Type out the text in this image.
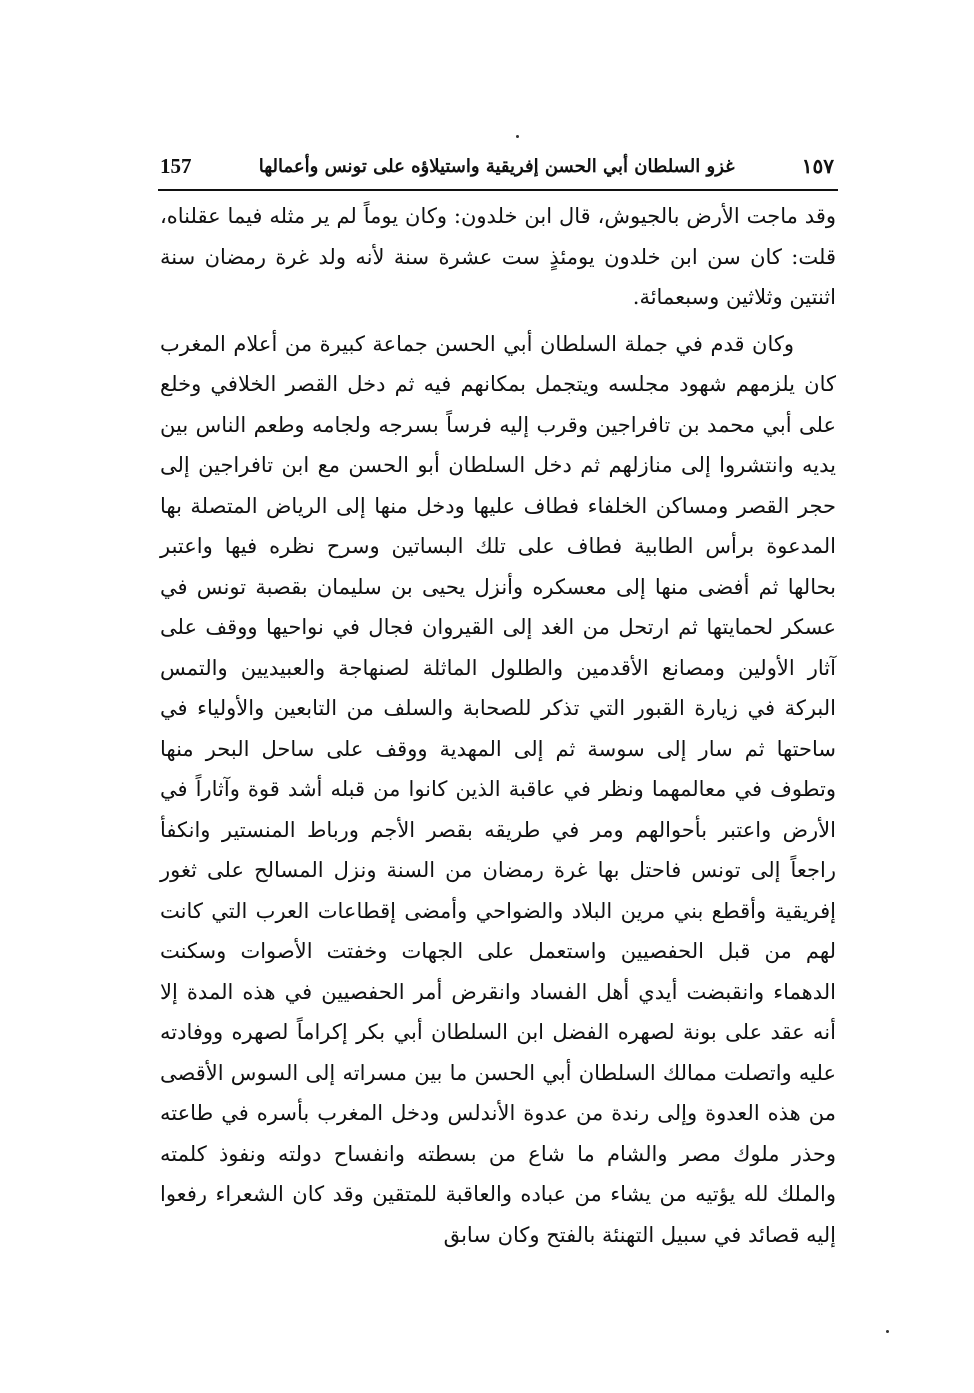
157	غزو السلطان أبي الحسن إفريقية واستيلاؤه على تونس وأعمالها	١٥٧

وقد ماجت الأرض بالجيوش، قال ابن خلدون: وكان يوماً لم ير مثله فيما عقلناه، قلت: كان سن ابن خلدون يومئذٍ ست عشرة سنة لأنه ولد غرة رمضان سنة اثنتين وثلاثين وسبعمائة.

وكان قدم في جملة السلطان أبي الحسن جماعة كبيرة من أعلام المغرب كان يلزمهم شهود مجلسه ويتجمل بمكانهم فيه ثم دخل القصر الخلافي وخلع على أبي محمد بن تافراجين وقرب إليه فرساً بسرجه ولجامه وطعم الناس بين يديه وانتشروا إلى منازلهم ثم دخل السلطان أبو الحسن مع ابن تافراجين إلى حجر القصر ومساكن الخلفاء فطاف عليها ودخل منها إلى الرياض المتصلة بها المدعوة برأس الطابية فطاف على تلك البساتين وسرح نظره فيها واعتبر بحالها ثم أفضى منها إلى معسكره وأنزل يحيى بن سليمان بقصبة تونس في عسكر لحمايتها ثم ارتحل من الغد إلى القيروان فجال في نواحيها ووقف على آثار الأولين ومصانع الأقدمين والطلول الماثلة لصنهاجة والعبيديين والتمس البركة في زيارة القبور التي تذكر للصحابة والسلف من التابعين والأولياء في ساحتها ثم سار إلى سوسة ثم إلى المهدية ووقف على ساحل البحر منها وتطوف في معالمهما ونظر في عاقبة الذين كانوا من قبله أشد قوة وآثاراً في الأرض واعتبر بأحوالهم ومر في طريقه بقصر الأجم ورباط المنستير وانكفأ راجعاً إلى تونس فاحتل بها غرة رمضان من السنة ونزل المسالح على ثغور إفريقية وأقطع بني مرين البلاد والضواحي وأمضى إقطاعات العرب التي كانت لهم من قبل الحفصيين واستعمل على الجهات وخفتت الأصوات وسكنت الدهماء وانقبضت أيدي أهل الفساد وانقرض أمر الحفصيين في هذه المدة إلا أنه عقد على بونة لصهره الفضل ابن السلطان أبي بكر إكراماً لصهره ووفادته عليه واتصلت ممالك السلطان أبي الحسن ما بين مسراته إلى السوس الأقصى من هذه العدوة وإلى رندة من عدوة الأندلس ودخل المغرب بأسره في طاعته وحذر ملوك مصر والشام ما شاع من بسطته وانفساح دولته ونفوذ كلمته والملك لله يؤتيه من يشاء من عباده والعاقبة للمتقين وقد كان الشعراء رفعوا إليه قصائد في سبيل التهنئة بالفتح وكان سابق
